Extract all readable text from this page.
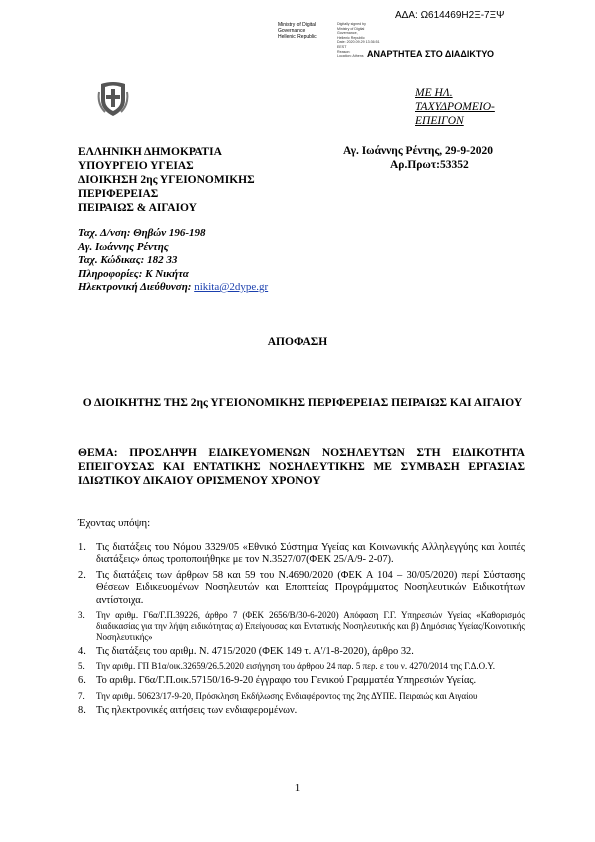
ΑΔΑ: Ω614469Η2Ξ-7ΞΨ
Ministry of Digital
Governance
Hellenic Republic
Digitally signed by
Ministry of Digital
Governance,
Hellenic Republic
Date: 2020.09.29 13:36:51
EEST
Reason:
Location: Athens ΑΝΑΡΤΗΤΕΑ ΣΤΟ ΔΙΑΔΙΚΤΥΟ
ΜΕ ΗΛ.
ΤΑΧΥΔΡΟΜΕΙΟ-
ΕΠΕΙΓΟΝ
ΕΛΛΗΝΙΚΗ ΔΗΜΟΚΡΑΤΙΑ
ΥΠΟΥΡΓΕΙΟ ΥΓΕΙΑΣ
ΔΙΟΙΚΗΣΗ 2ης ΥΓΕΙΟΝΟΜΙΚΗΣ
ΠΕΡΙΦΕΡΕΙΑΣ
ΠΕΙΡΑΙΩΣ & ΑΙΓΑΙΟΥ
Αγ. Ιωάννης Ρέντης, 29-9-2020
Αρ.Πρωτ:53352
Ταχ. Δ/νση: Θηβών 196-198
Αγ. Ιωάννης Ρέντης
Ταχ. Κώδικας: 182 33
Πληροφορίες: Κ Νικήτα
Ηλεκτρονική Διεύθυνση: nikita@2dype.gr
ΑΠΟΦΑΣΗ
Ο ΔΙΟΙΚΗΤΗΣ ΤΗΣ 2ης ΥΓΕΙΟΝΟΜΙΚΗΣ ΠΕΡΙΦΕΡΕΙΑΣ ΠΕΙΡΑΙΩΣ ΚΑΙ ΑΙΓΑΙΟΥ
ΘΕΜΑ: ΠΡΟΣΛΗΨΗ ΕΙΔΙΚΕΥΟΜΕΝΩΝ ΝΟΣΗΛΕΥΤΩΝ ΣΤΗ ΕΙΔΙΚΟΤΗΤΑ ΕΠΕΙΓΟΥΣΑΣ ΚΑΙ ΕΝΤΑΤΙΚΗΣ ΝΟΣΗΛΕΥΤΙΚΗΣ ΜΕ ΣΥΜΒΑΣΗ ΕΡΓΑΣΙΑΣ ΙΔΙΩΤΙΚΟΥ ΔΙΚΑΙΟΥ ΟΡΙΣΜΕΝΟΥ ΧΡΟΝΟΥ
Έχοντας υπόψη:
1. Τις διατάξεις του Νόμου 3329/05 «Εθνικό Σύστημα Υγείας και Κοινωνικής Αλληλεγγύης και λοιπές διατάξεις» όπως τροποποιήθηκε με τον Ν.3527/07(ΦΕΚ 25/Α/9- 2-07).
2. Τις διατάξεις των άρθρων 58 και 59 του Ν.4690/2020 (ΦΕΚ Α 104 – 30/05/2020) περί Σύστασης Θέσεων Ειδικευομένων Νοσηλευτών και Εποπτείας Προγράμματος Νοσηλευτικών Ειδικοτήτων αντίστοιχα.
3. Την αριθμ. Γ6α/Γ.Π.39226, άρθρο 7 (ΦΕΚ 2656/Β/30-6-2020) Απόφαση Γ.Γ. Υπηρεσιών Υγείας «Καθορισμός διαδικασίας για την λήψη ειδικότητας α) Επείγουσας και Εντατικής Νοσηλευτικής και β) Δημόσιας Υγείας/Κοινοτικής Νοσηλευτικής»
4. Τις διατάξεις του αριθμ. Ν. 4715/2020 (ΦΕΚ 149 τ. Α'/1-8-2020), άρθρο 32.
5. Την αριθμ. ΓΠ Β1α/οικ.32659/26.5.2020 εισήγηση του άρθρου 24 παρ. 5 περ. ε του ν. 4270/2014 της Γ.Δ.Ο.Υ.
6. Το αριθμ. Γ6α/Γ.Π.οικ.57150/16-9-20 έγγραφο του Γενικού Γραμματέα Υπηρεσιών Υγείας.
7. Την αριθμ. 50623/17-9-20, Πρόσκληση Εκδήλωσης Ενδιαφέροντος της 2ης ΔΥΠΕ. Πειραιώς και Αιγαίου
8. Τις ηλεκτρονικές αιτήσεις των ενδιαφερομένων.
1
